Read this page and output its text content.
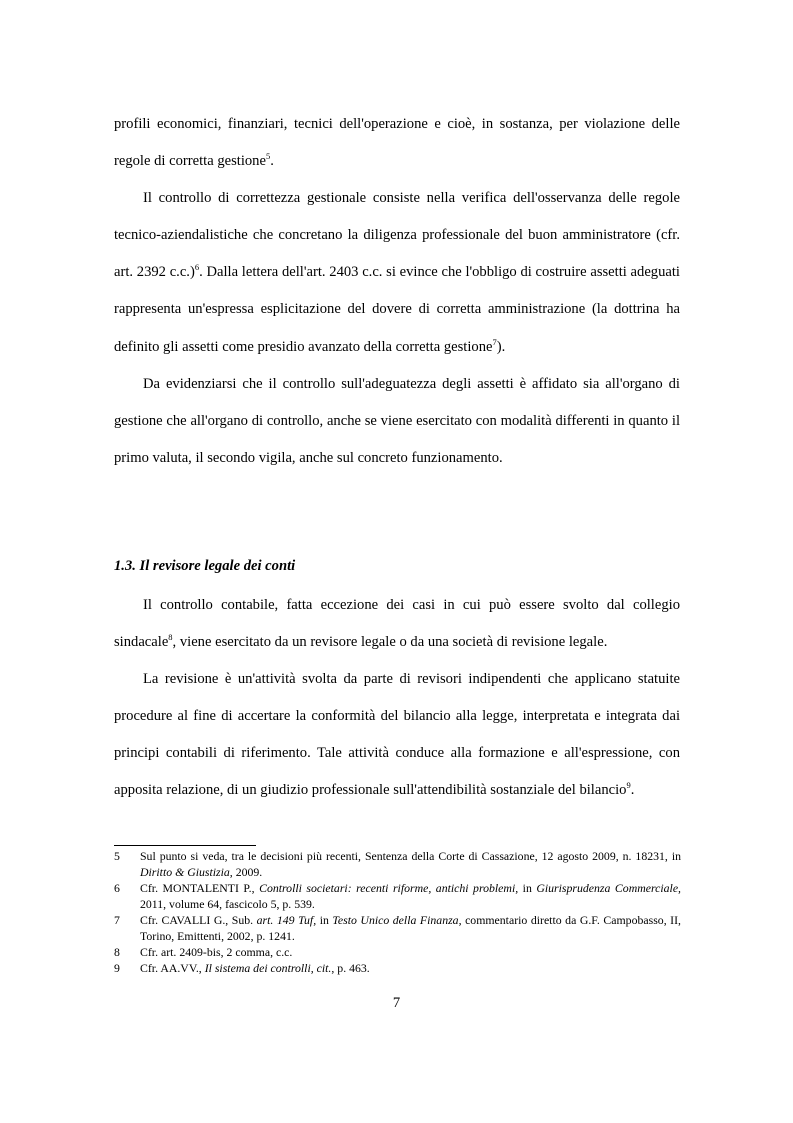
profili economici, finanziari, tecnici dell'operazione e cioè, in sostanza, per violazione delle regole di corretta gestione$^5$.

Il controllo di correttezza gestionale consiste nella verifica dell'osservanza delle regole tecnico-aziendalistiche che concretano la diligenza professionale del buon amministratore (cfr. art. 2392 c.c.)$^6$. Dalla lettera dell'art. 2403 c.c. si evince che l'obbligo di costruire assetti adeguati rappresenta un'espressa esplicitazione del dovere di corretta amministrazione (la dottrina ha definito gli assetti come presidio avanzato della corretta gestione$^7$).

Da evidenziarsi che il controllo sull'adeguatezza degli assetti è affidato sia all'organo di gestione che all'organo di controllo, anche se viene esercitato con modalità differenti in quanto il primo valuta, il secondo vigila, anche sul concreto funzionamento.

1.3. Il revisore legale dei conti

Il controllo contabile, fatta eccezione dei casi in cui può essere svolto dal collegio sindacale$^8$, viene esercitato da un revisore legale o da una società di revisione legale.

La revisione è un'attività svolta da parte di revisori indipendenti che applicano statuite procedure al fine di accertare la conformità del bilancio alla legge, interpretata e integrata dai principi contabili di riferimento. Tale attività conduce alla formazione e all'espressione, con apposita relazione, di un giudizio professionale sull'attendibilità sostanziale del bilancio$^9$.

5 Sul punto si veda, tra le decisioni più recenti, Sentenza della Corte di Cassazione, 12 agosto 2009, n. 18231, in Diritto & Giustizia, 2009.
6 Cfr. MONTALENTI P., Controlli societari: recenti riforme, antichi problemi, in Giurisprudenza Commerciale, 2011, volume 64, fascicolo 5, p. 539.
7 Cfr. CAVALLI G., Sub. art. 149 Tuf, in Testo Unico della Finanza, commentario diretto da G.F. Campobasso, II, Torino, Emittenti, 2002, p. 1241.
8 Cfr. art. 2409-bis, 2 comma, c.c.
9 Cfr. AA.VV., Il sistema dei controlli, cit., p. 463.
7
